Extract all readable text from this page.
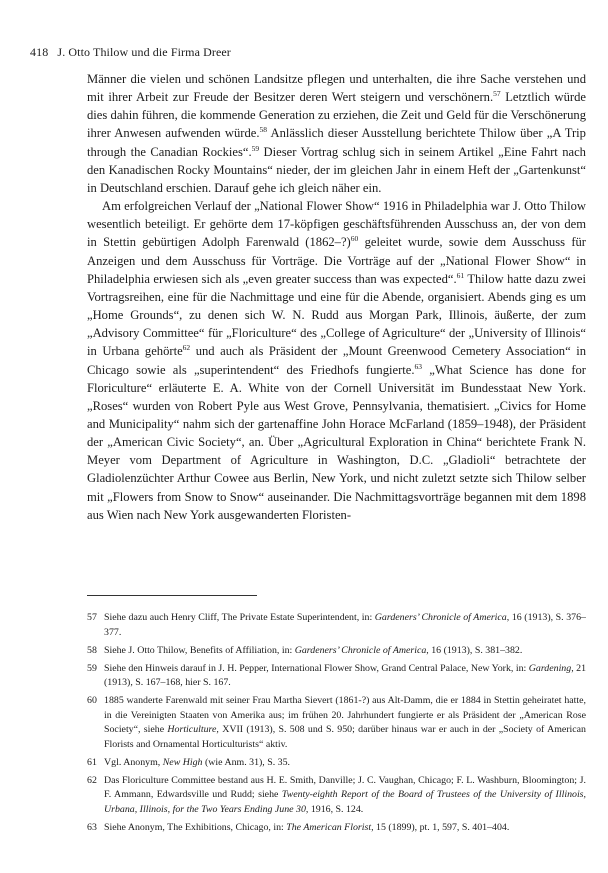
418 J. Otto Thilow und die Firma Dreer

Männer die vielen und schönen Landsitze pflegen und unterhalten, die ihre Sache verstehen und mit ihrer Arbeit zur Freude der Besitzer deren Wert steigern und verschönern.$^{57}$ Letztlich würde dies dahin führen, die kommende Generation zu erziehen, die Zeit und Geld für die Verschönerung ihrer Anwesen aufwenden würde.$^{58}$ Anlässlich dieser Ausstellung berichtete Thilow über „A Trip through the Canadian Rockies“.$^{59}$ Dieser Vortrag schlug sich in seinem Artikel „Eine Fahrt nach den Kanadischen Rocky Mountains“ nieder, der im gleichen Jahr in einem Heft der „Gartenkunst“ in Deutschland erschien. Darauf gehe ich gleich näher ein.

Am erfolgreichen Verlauf der „National Flower Show“ 1916 in Philadelphia war J. Otto Thilow wesentlich beteiligt. Er gehörte dem 17-köpfigen geschäftsführenden Ausschuss an, der von dem in Stettin gebürtigen Adolph Farenwald (1862–?)$^{60}$ geleitet wurde, sowie dem Ausschuss für Anzeigen und dem Ausschuss für Vorträge. Die Vorträge auf der „National Flower Show“ in Philadelphia erwiesen sich als „even greater success than was expected“.$^{61}$ Thilow hatte dazu zwei Vortragsreihen, eine für die Nachmittage und eine für die Abende, organisiert. Abends ging es um „Home Grounds“, zu denen sich W. N. Rudd aus Morgan Park, Illinois, äußerte, der zum „Advisory Committee“ für „Floriculture“ des „College of Agriculture“ der „University of Illinois“ in Urbana gehörte$^{62}$ und auch als Präsident der „Mount Greenwood Cemetery Association“ in Chicago sowie als „superintendent“ des Friedhofs fungierte.$^{63}$ „What Science has done for Floriculture“ erläuterte E. A. White von der Cornell Universität im Bundesstaat New York. „Roses“ wurden von Robert Pyle aus West Grove, Pennsylvania, thematisiert. „Civics for Home and Municipality“ nahm sich der gartenaffine John Horace McFarland (1859–1948), der Präsident der „American Civic Society“, an. Über „Agricultural Exploration in China“ berichtete Frank N. Meyer vom Department of Agriculture in Washington, D.C. „Gladioli“ betrachtete der Gladiolenzüchter Arthur Cowee aus Berlin, New York, und nicht zuletzt setzte sich Thilow selber mit „Flowers from Snow to Snow“ auseinander. Die Nachmittagsvorträge begannen mit dem 1898 aus Wien nach New York ausgewanderten Floristen-

57 Siehe dazu auch Henry Cliff, The Private Estate Superintendent, in: Gardeners’ Chronicle of America, 16 (1913), S. 376–377.
58 Siehe J. Otto Thilow, Benefits of Affiliation, in: Gardeners’ Chronicle of America, 16 (1913), S. 381–382.
59 Siehe den Hinweis darauf in J. H. Pepper, International Flower Show, Grand Central Palace, New York, in: Gardening, 21 (1913), S. 167–168, hier S. 167.
60 1885 wanderte Farenwald mit seiner Frau Martha Sievert (1861-?) aus Alt-Damm, die er 1884 in Stettin geheiratet hatte, in die Vereinigten Staaten von Amerika aus; im frühen 20. Jahrhundert fungierte er als Präsident der „American Rose Society“, siehe Horticulture, XVII (1913), S. 508 und S. 950; darüber hinaus war er auch in der „Society of American Florists and Ornamental Horticulturists“ aktiv.
61 Vgl. Anonym, New High (wie Anm. 31), S. 35.
62 Das Floriculture Committee bestand aus H. E. Smith, Danville; J. C. Vaughan, Chicago; F. L. Washburn, Bloomington; J. F. Ammann, Edwardsville und Rudd; siehe Twenty-eighth Report of the Board of Trustees of the University of Illinois, Urbana, Illinois, for the Two Years Ending June 30, 1916, S. 124.
63 Siehe Anonym, The Exhibitions, Chicago, in: The American Florist, 15 (1899), pt. 1, 597, S. 401–404.
